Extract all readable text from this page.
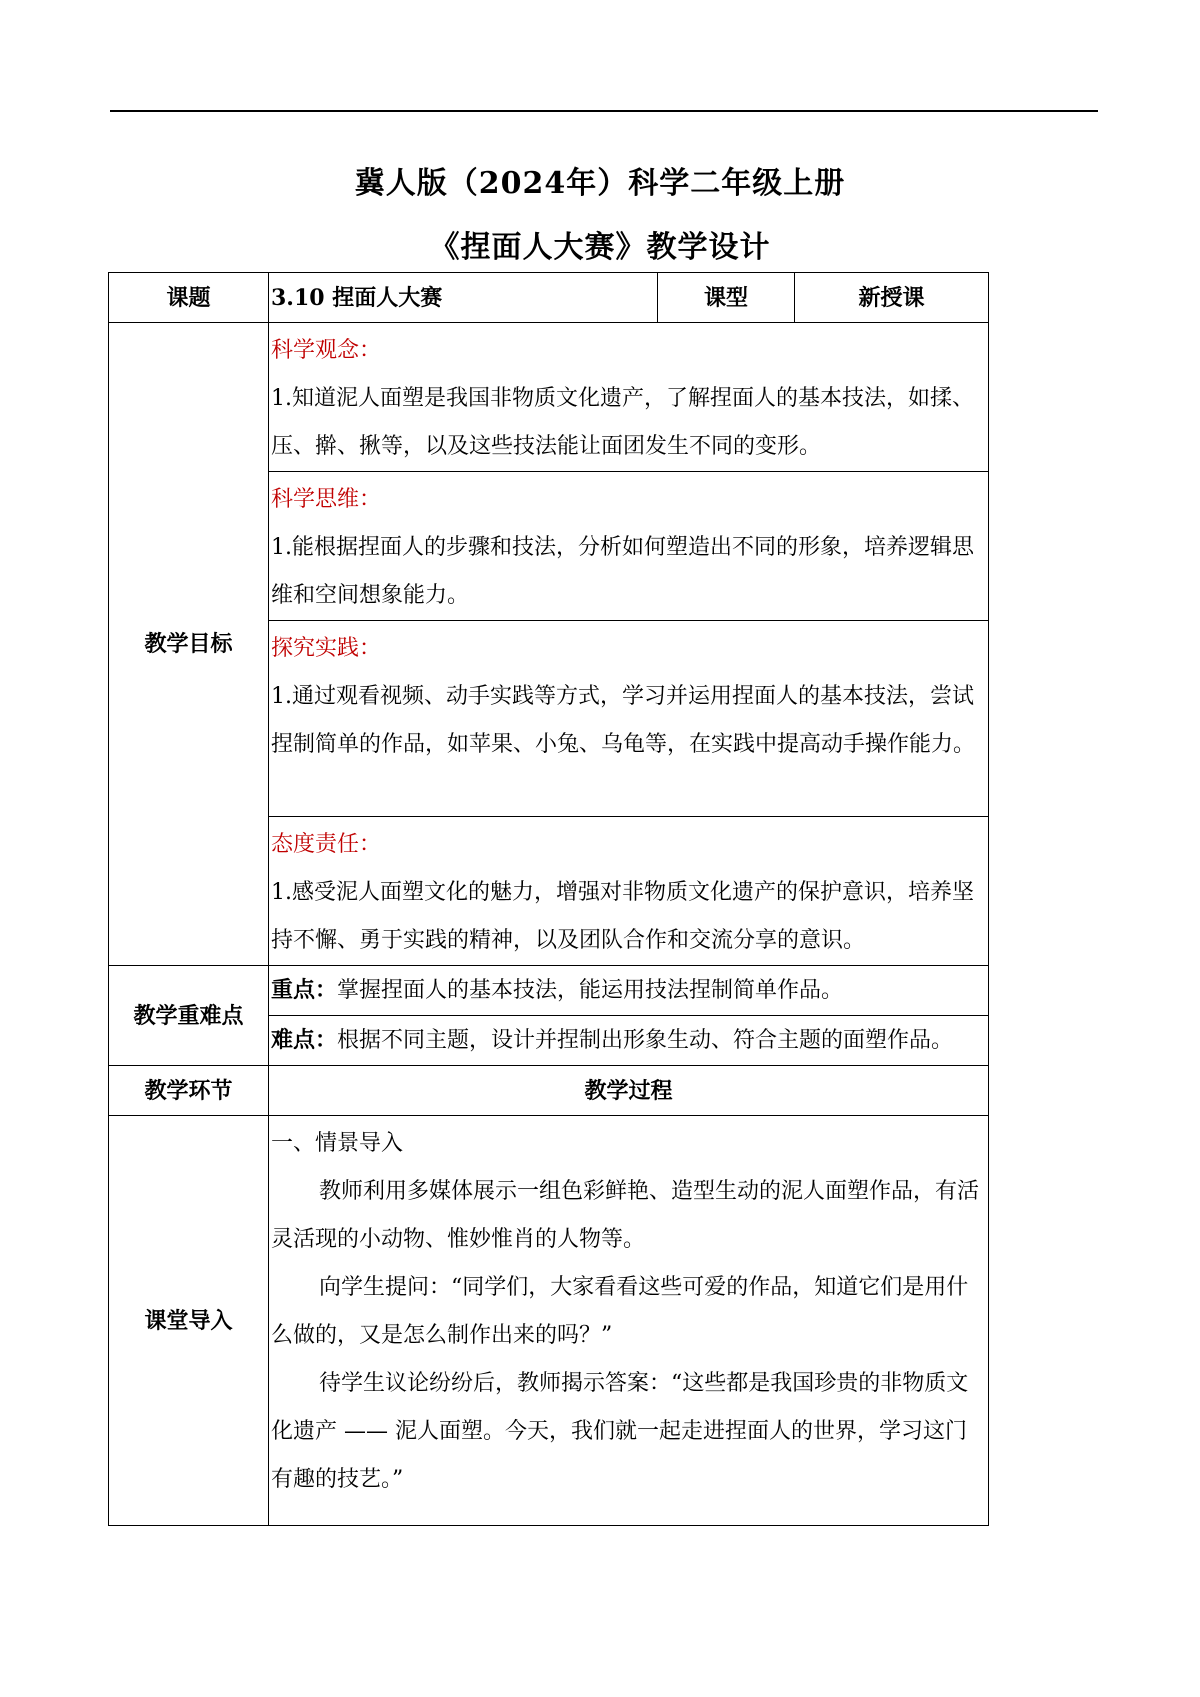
冀人版（2024年）科学二年级上册
《捏面人大赛》教学设计
课题	3.10 捏面人大赛	课型	新授课
教学目标	科学观念：

1.知道泥人面塑是我国非物质文化遗产，了解捏面人的基本技法，如揉、压、擀、揪等，以及这些技法能让面团发生不同的变形。		

	科学思维：

1.能根据捏面人的步骤和技法，分析如何塑造出不同的形象，培养逻辑思维和空间想象能力。		

	探究实践：

1.通过观看视频、动手实践等方式，学习并运用捏面人的基本技法，尝试捏制简单的作品，如苹果、小兔、乌龟等，在实践中提高动手操作能力。		

	态度责任：

1.感受泥人面塑文化的魅力，增强对非物质文化遗产的保护意识，培养坚持不懈、勇于实践的精神，以及团队合作和交流分享的意识。		

教学重难点	重点：掌握捏面人的基本技法，能运用技法捏制简单作品。		
	难点：根据不同主题，设计并捏制出形象生动、符合主题的面塑作品。		
教学环节	教学过程		
课堂导入	一、情景导入

教师利用多媒体展示一组色彩鲜艳、造型生动的泥人面塑作品，有活灵活现的小动物、惟妙惟肖的人物等。

向学生提问：“同学们，大家看看这些可爱的作品，知道它们是用什么做的，又是怎么制作出来的吗？”

待学生议论纷纷后，教师揭示答案：“这些都是我国珍贵的非物质文化遗产 —— 泥人面塑。今天，我们就一起走进捏面人的世界，学习这门有趣的技艺。”		
